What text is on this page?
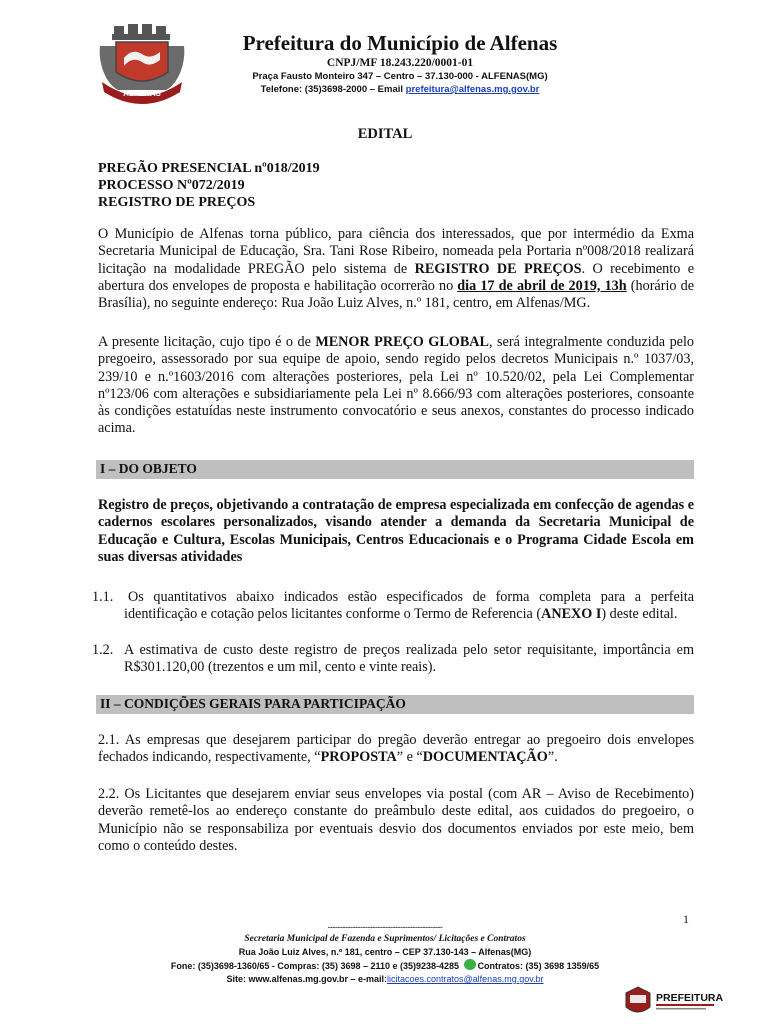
ALFENAS
Prefeitura do Município de Alfenas
CNPJ/MF 18.243.220/0001-01
Praça Fausto Monteiro 347 – Centro – 37.130-000 - ALFENAS(MG)
Telefone: (35)3698-2000 – Email prefeitura@alfenas.mg.gov.br
EDITAL
PREGÃO PRESENCIAL nº018/2019
PROCESSO Nº072/2019
REGISTRO DE PREÇOS
O Município de Alfenas torna público, para ciência dos interessados, que por intermédio da Exma Secretaria Municipal de Educação, Sra. Tani Rose Ribeiro, nomeada pela Portaria nº008/2018 realizará licitação na modalidade PREGÃO pelo sistema de REGISTRO DE PREÇOS. O recebimento e abertura dos envelopes de proposta e habilitação ocorrerão no dia 17 de abril de 2019, 13h (horário de Brasília), no seguinte endereço: Rua João Luiz Alves, n.º 181, centro, em Alfenas/MG.
A presente licitação, cujo tipo é o de MENOR PREÇO GLOBAL, será integralmente conduzida pelo pregoeiro, assessorado por sua equipe de apoio, sendo regido pelos decretos Municipais n.º 1037/03, 239/10 e n.º1603/2016 com alterações posteriores, pela Lei nº 10.520/02, pela Lei Complementar nº123/06 com alterações e subsidiariamente pela Lei nº 8.666/93 com alterações posteriores, consoante às condições estatuídas neste instrumento convocatório e seus anexos, constantes do processo indicado acima.
I – DO OBJETO
Registro de preços, objetivando a contratação de empresa especializada em confecção de agendas e cadernos escolares personalizados, visando atender a demanda da Secretaria Municipal de Educação e Cultura, Escolas Municipais, Centros Educacionais e o Programa Cidade Escola em suas diversas atividades
1.1. Os quantitativos abaixo indicados estão especificados de forma completa para a perfeita identificação e cotação pelos licitantes conforme o Termo de Referencia (ANEXO I) deste edital.
1.2. A estimativa de custo deste registro de preços realizada pelo setor requisitante, importância em R$301.120,00 (trezentos e um mil, cento e vinte reais).
II – CONDIÇÕES GERAIS PARA PARTICIPAÇÃO
2.1. As empresas que desejarem participar do pregão deverão entregar ao pregoeiro dois envelopes fechados indicando, respectivamente, “PROPOSTA” e “DOCUMENTAÇÃO”.
2.2. Os Licitantes que desejarem enviar seus envelopes via postal (com AR – Aviso de Recebimento) deverão remetê-los ao endereço constante do preâmbulo deste edital, aos cuidados do pregoeiro, o Município não se responsabiliza por eventuais desvio dos documentos enviados por este meio, bem como o conteúdo destes.
1
----------------------------------------------
Secretaria Municipal de Fazenda e Suprimentos/ Licitações e Contratos
Rua João Luiz Alves, n.º 181, centro – CEP 37.130-143 – Alfenas(MG)
Fone: (35)3698-1360/65 - Compras: (35) 3698 – 2110 e (35)9238-4285 Contratos: (35) 3698 1359/65
Site: www.alfenas.mg.gov.br – e-mail:licitacoes.contratos@alfenas.mg.gov.br
PREFEITURA
